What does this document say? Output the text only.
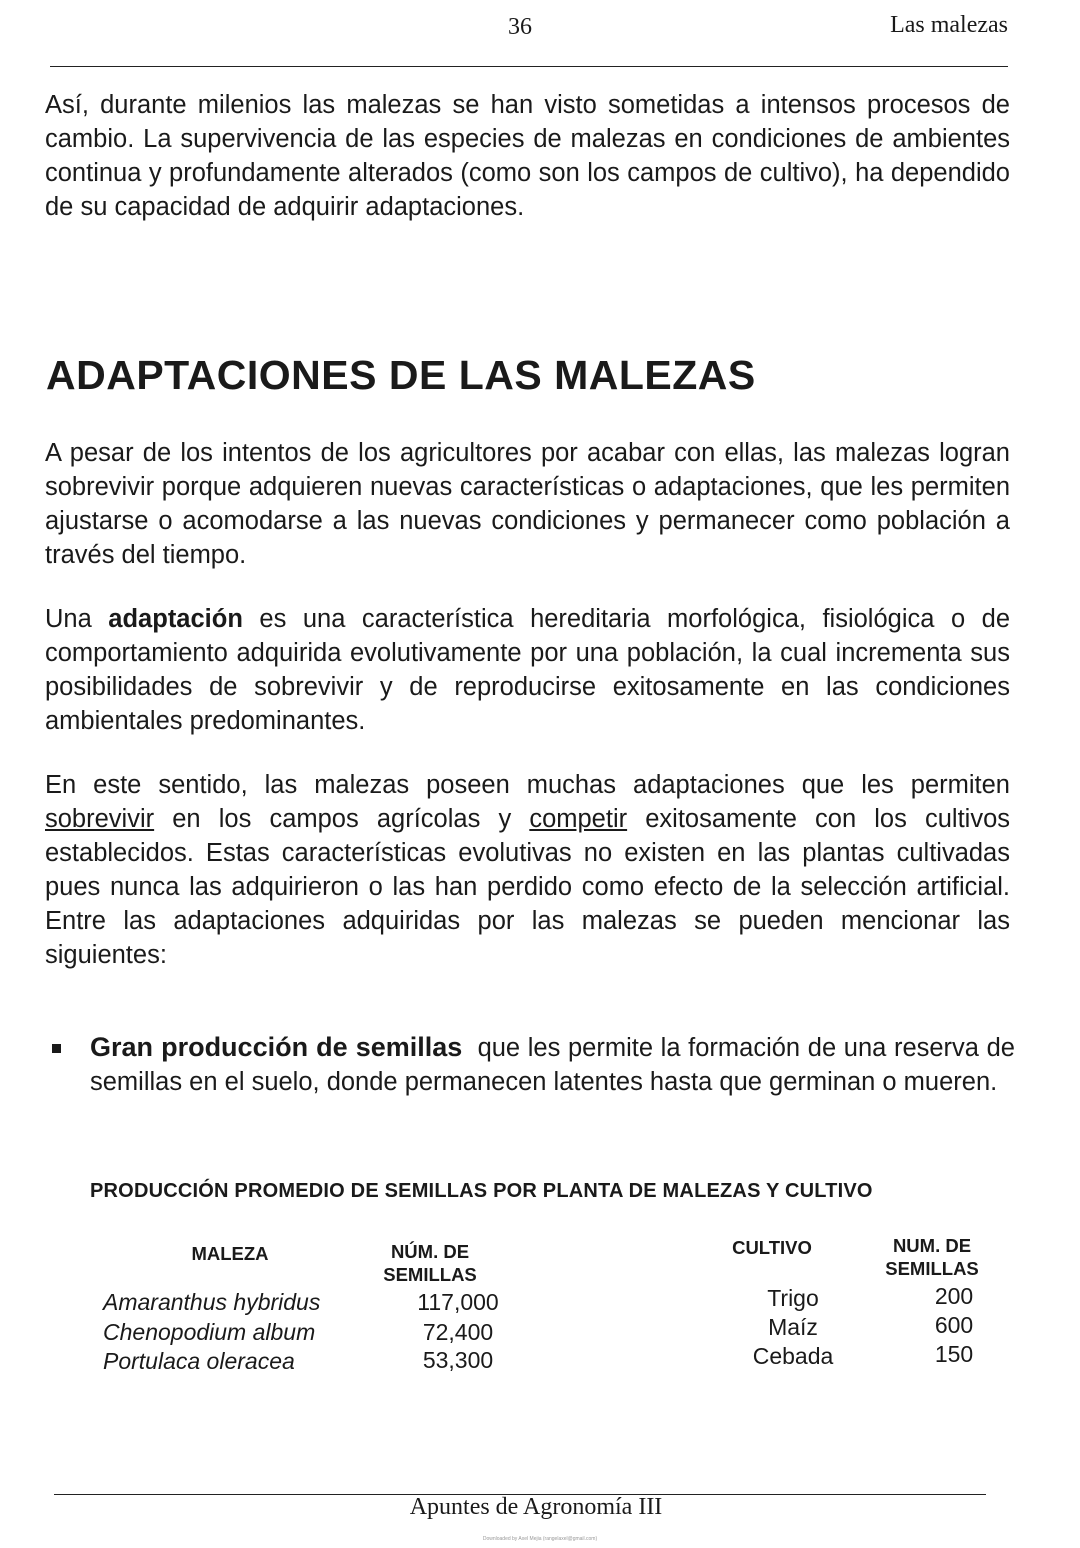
36	Las malezas

Así, durante milenios las malezas se han visto sometidas a intensos procesos de cambio. La supervivencia de las especies de malezas en condiciones de ambientes continua y profundamente alterados (como son los campos de cultivo), ha dependido de su capacidad de adquirir adaptaciones.

ADAPTACIONES DE LAS MALEZAS

A pesar de los intentos de los agricultores por acabar con ellas, las malezas logran sobrevivir porque adquieren nuevas características o adaptaciones, que les permiten ajustarse o acomodarse a las nuevas condiciones y permanecer como población a través del tiempo.

Una adaptación es una característica hereditaria morfológica, fisiológica o de comportamiento adquirida evolutivamente por una población, la cual incrementa sus posibilidades de sobrevivir y de reproducirse exitosamente en las condiciones ambientales predominantes.

En este sentido, las malezas poseen muchas adaptaciones que les permiten sobrevivir en los campos agrícolas y competir exitosamente con los cultivos establecidos. Estas características evolutivas no existen en las plantas cultivadas pues nunca las adquirieron o las han perdido como efecto de la selección artificial. Entre las adaptaciones adquiridas por las malezas se pueden mencionar las siguientes:

Gran producción de semillas  que les permite la formación de una reserva de semillas en el suelo, donde permanecen latentes hasta que germinan o mueren.

PRODUCCIÓN PROMEDIO DE SEMILLAS POR PLANTA DE MALEZAS Y CULTIVO
MALEZA	NÚM. DE
SEMILLAS
CULTIVO	NUM. DE
SEMILLAS
Amaranthus hybridus	117,000
Chenopodium album	72,400
Portulaca oleracea	53,300
Trigo	200
Maíz	600
Cebada	150
Apuntes de Agronomía III
Downloaded by Axel Mejia (rangelaxel@gmail.com)
